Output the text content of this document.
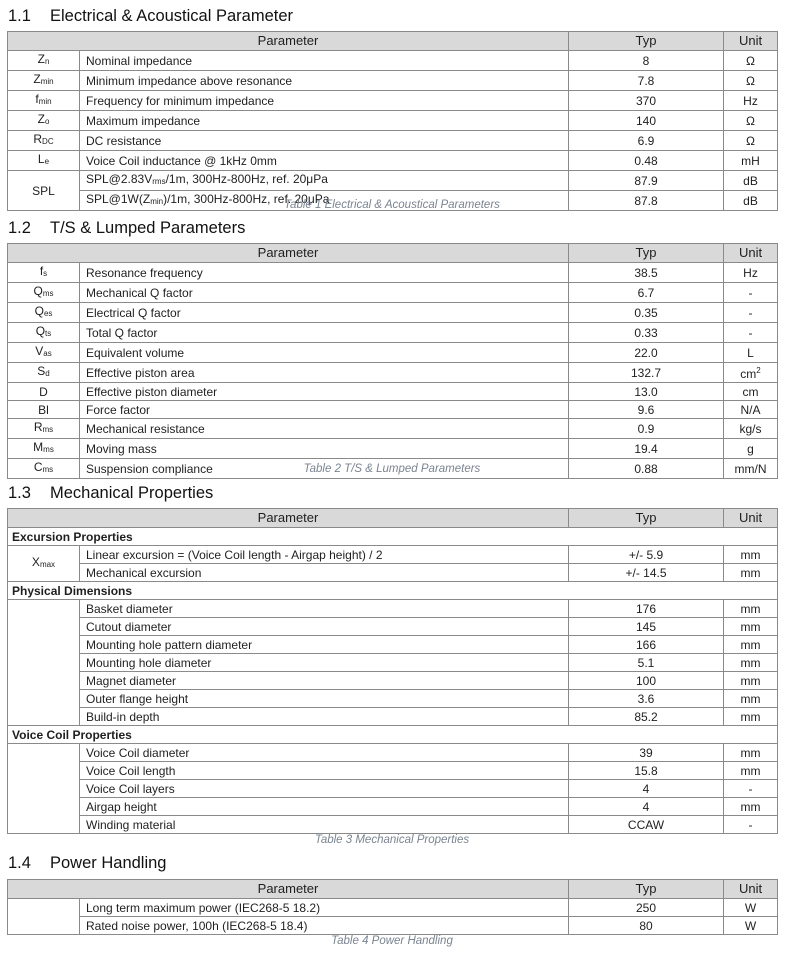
1.1 Electrical & Acoustical Parameter
Parameter		Typ	Unit
$Z_n$	Nominal impedance	8	Ω
$Z_{min}$	Minimum impedance above resonance	7.8	Ω
$f_{min}$	Frequency for minimum impedance	370	Hz
$Z_o$	Maximum impedance	140	Ω
$R_{DC}$	DC resistance	6.9	Ω
$L_e$	Voice Coil inductance @ 1kHz 0mm	0.48	mH
SPL	$SPL@2.83V_{rms}/1m$, 300Hz-800Hz, ref. 20μPa	87.9	dB
	$SPL@1W(Z_{min})/1m$, 300Hz-800Hz, ref. 20μPa	87.8	dB
Table 1 Electrical & Acoustical Parameters
1.2 T/S & Lumped Parameters
Parameter		Typ	Unit
$f_s$	Resonance frequency	38.5	Hz
$Q_{ms}$	Mechanical Q factor	6.7	-
$Q_{es}$	Electrical Q factor	0.35	-
$Q_{ts}$	Total Q factor	0.33	-
$V_{as}$	Equivalent volume	22.0	L
$S_d$	Effective piston area	132.7	$cm^2$
D	Effective piston diameter	13.0	cm
Bl	Force factor	9.6	N/A
$R_{ms}$	Mechanical resistance	0.9	kg/s
$M_{ms}$	Moving mass	19.4	g
$C_{ms}$	Suspension compliance	0.88	mm/N
Table 2 T/S & Lumped Parameters
1.3 Mechanical Properties
Parameter		Typ	Unit
Excursion Properties			
$X_{max}$	Linear excursion = (Voice Coil length - Airgap height) / 2	+/- 5.9	mm
	Mechanical excursion	+/- 14.5	mm
Physical Dimensions			
	Basket diameter	176	mm
	Cutout diameter	145	mm
	Mounting hole pattern diameter	166	mm
	Mounting hole diameter	5.1	mm
	Magnet diameter	100	mm
	Outer flange height	3.6	mm
	Build-in depth	85.2	mm
Voice Coil Properties			
	Voice Coil diameter	39	mm
	Voice Coil length	15.8	mm
	Voice Coil layers	4	-
	Airgap height	4	mm
	Winding material	CCAW	-
Table 3 Mechanical Properties
1.4 Power Handling
Parameter		Typ	Unit
	Long term maximum power (IEC268-5 18.2)	250	W
	Rated noise power, 100h (IEC268-5 18.4)	80	W
Table 4 Power Handling
